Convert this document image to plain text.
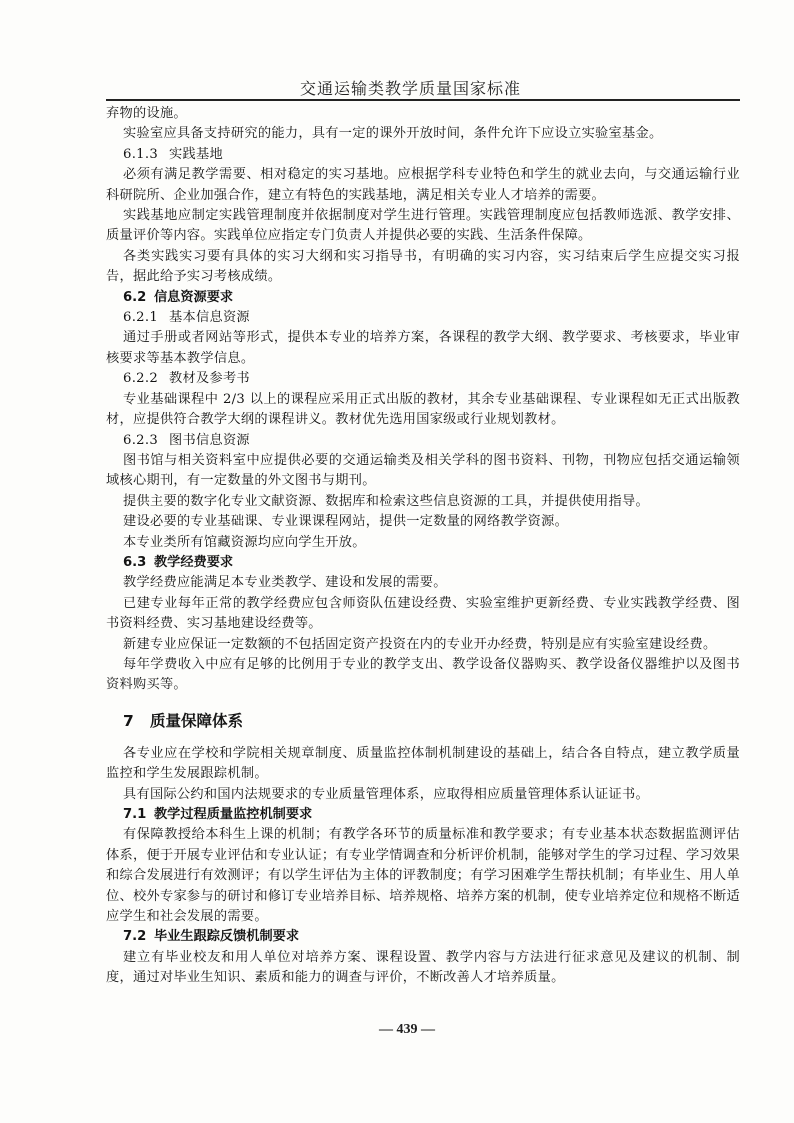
交通运输类教学质量国家标准

弃物的设施。

实验室应具备支持研究的能力，具有一定的课外开放时间，条件允许下应设立实验室基金。

6.1.3 实践基地

必须有满足教学需要、相对稳定的实习基地。应根据学科专业特色和学生的就业去向，与交通运输行业科研院所、企业加强合作，建立有特色的实践基地，满足相关专业人才培养的需要。

实践基地应制定实践管理制度并依据制度对学生进行管理。实践管理制度应包括教师选派、教学安排、质量评价等内容。实践单位应指定专门负责人并提供必要的实践、生活条件保障。

各类实践实习要有具体的实习大纲和实习指导书，有明确的实习内容，实习结束后学生应提交实习报告，据此给予实习考核成绩。

6.2 信息资源要求
6.2.1 基本信息资源

通过手册或者网站等形式，提供本专业的培养方案，各课程的教学大纲、教学要求、考核要求，毕业审核要求等基本教学信息。

6.2.2 教材及参考书

专业基础课程中 2/3 以上的课程应采用正式出版的教材，其余专业基础课程、专业课程如无正式出版教材，应提供符合教学大纲的课程讲义。教材优先选用国家级或行业规划教材。

6.2.3 图书信息资源

图书馆与相关资料室中应提供必要的交通运输类及相关学科的图书资料、刊物，刊物应包括交通运输领域核心期刊，有一定数量的外文图书与期刊。

提供主要的数字化专业文献资源、数据库和检索这些信息资源的工具，并提供使用指导。

建设必要的专业基础课、专业课课程网站，提供一定数量的网络教学资源。

本专业类所有馆藏资源均应向学生开放。

6.3 教学经费要求

教学经费应能满足本专业类教学、建设和发展的需要。

已建专业每年正常的教学经费应包含师资队伍建设经费、实验室维护更新经费、专业实践教学经费、图书资料经费、实习基地建设经费等。

新建专业应保证一定数额的不包括固定资产投资在内的专业开办经费，特别是应有实验室建设经费。

每年学费收入中应有足够的比例用于专业的教学支出、教学设备仪器购买、教学设备仪器维护以及图书资料购买等。

7 质量保障体系

各专业应在学校和学院相关规章制度、质量监控体制机制建设的基础上，结合各自特点，建立教学质量监控和学生发展跟踪机制。

具有国际公约和国内法规要求的专业质量管理体系，应取得相应质量管理体系认证证书。

7.1 教学过程质量监控机制要求

有保障教授给本科生上课的机制；有教学各环节的质量标准和教学要求；有专业基本状态数据监测评估体系，便于开展专业评估和专业认证；有专业学情调查和分析评价机制，能够对学生的学习过程、学习效果和综合发展进行有效测评；有以学生评估为主体的评教制度；有学习困难学生帮扶机制；有毕业生、用人单位、校外专家参与的研讨和修订专业培养目标、培养规格、培养方案的机制，使专业培养定位和规格不断适应学生和社会发展的需要。

7.2 毕业生跟踪反馈机制要求

建立有毕业校友和用人单位对培养方案、课程设置、教学内容与方法进行征求意见及建议的机制、制度，通过对毕业生知识、素质和能力的调查与评价，不断改善人才培养质量。

— 439 —
